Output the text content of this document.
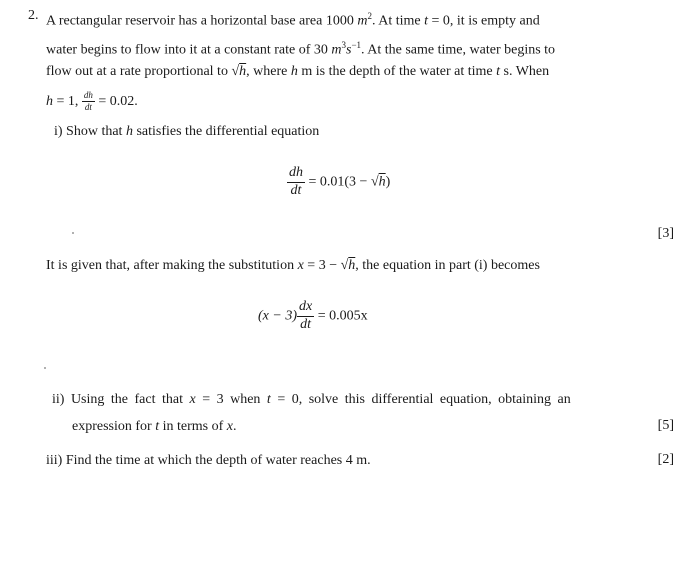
2. A rectangular reservoir has a horizontal base area 1000 $m^2$. At time t = 0, it is empty and
water begins to flow into it at a constant rate of 30 $m^3s^{-1}$. At the same time, water begins to
flow out at a rate proportional to √h, where h m is the depth of the water at time t s. When
h = 1, $\frac{dh}{dt} = 0.02$.
i) Show that h satisfies the differential equation
$\frac{dh}{dt} = 0.01(3 - √h)$
[3]
It is given that, after making the substitution x = 3 − √h, the equation in part (i) becomes
$(x - 3) \frac{dx}{dt} = 0.005x$
ii) Using the fact that x = 3 when t = 0, solve this differential equation, obtaining an
expression for t in terms of x.	[5]
iii) Find the time at which the depth of water reaches 4 m.	[2]
